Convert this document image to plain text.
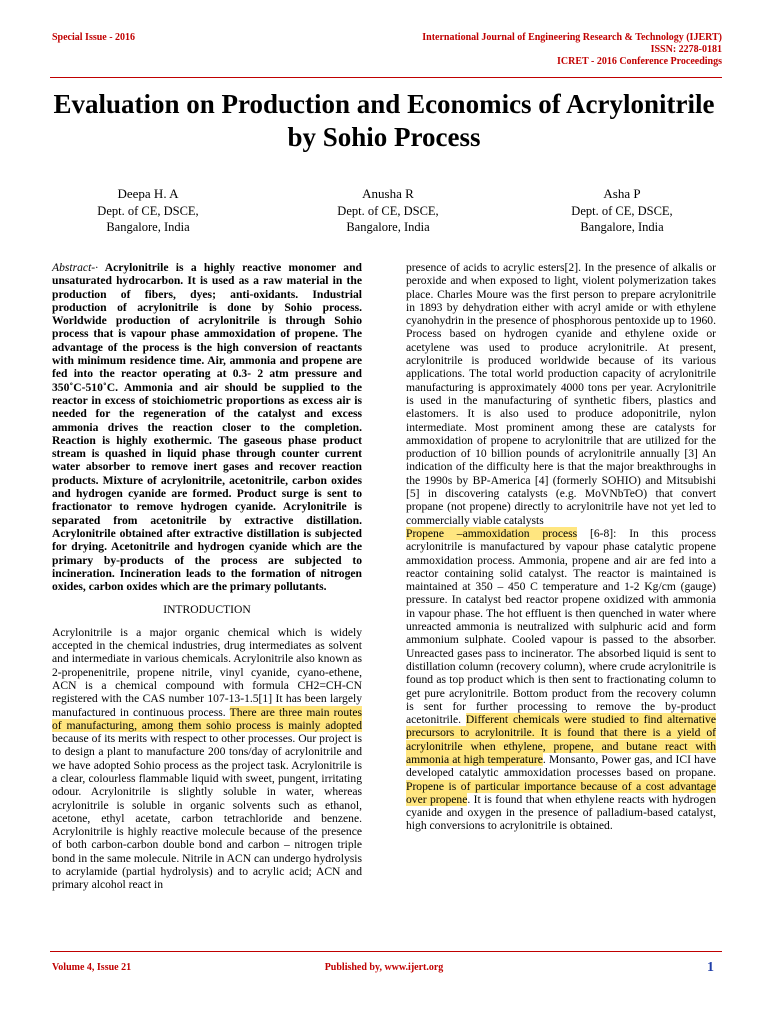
Special Issue - 2016	International Journal of Engineering Research & Technology (IJERT)
ISSN: 2278-0181
ICRET - 2016 Conference Proceedings
Evaluation on Production and Economics of Acrylonitrile by Sohio Process
Deepa H. A
Dept. of CE, DSCE,
Bangalore, India
Anusha R
Dept. of CE, DSCE,
Bangalore, India
Asha P
Dept. of CE, DSCE,
Bangalore, India

Abstract-· Acrylonitrile is a highly reactive monomer and unsaturated hydrocarbon. It is used as a raw material in the production of fibers, dyes; anti-oxidants. Industrial production of acrylonitrile is done by Sohio process. Worldwide production of acrylonitrile is through Sohio process that is vapour phase ammoxidation of propene. The advantage of the process is the high conversion of reactants with minimum residence time. Air, ammonia and propene are fed into the reactor operating at 0.3- 2 atm pressure and 350˚C-510˚C. Ammonia and air should be supplied to the reactor in excess of stoichiometric proportions as excess air is needed for the regeneration of the catalyst and excess ammonia drives the reaction closer to the completion. Reaction is highly exothermic. The gaseous phase product stream is quashed in liquid phase through counter current water absorber to remove inert gases and recover reaction products. Mixture of acrylonitrile, acetonitrile, carbon oxides and hydrogen cyanide are formed. Product surge is sent to fractionator to remove hydrogen cyanide. Acrylonitrile is separated from acetonitrile by extractive distillation. Acrylonitrile obtained after extractive distillation is subjected for drying. Acetonitrile and hydrogen cyanide which are the primary by-products of the process are subjected to incineration. Incineration leads to the formation of nitrogen oxides, carbon oxides which are the primary pollutants.

INTRODUCTION

Acrylonitrile is a major organic chemical which is widely accepted in the chemical industries, drug intermediates as solvent and intermediate in various chemicals. Acrylonitrile also known as 2-propenenitrile, propene nitrile, vinyl cyanide, cyano-ethene, ACN is a chemical compound with formula CH2=CH-CN registered with the CAS number 107-13-1.5[1] It has been largely manufactured in continuous process. There are three main routes of manufacturing, among them sohio process is mainly adopted because of its merits with respect to other processes. Our project is to design a plant to manufacture 200 tons/day of acrylonitrile and we have adopted Sohio process as the project task. Acrylonitrile is a clear, colourless flammable liquid with sweet, pungent, irritating odour. Acrylonitrile is slightly soluble in water, whereas acrylonitrile is soluble in organic solvents such as ethanol, acetone, ethyl acetate, carbon tetrachloride and benzene. Acrylonitrile is highly reactive molecule because of the presence of both carbon-carbon double bond and carbon – nitrogen triple bond in the same molecule. Nitrile in ACN can undergo hydrolysis to acrylamide (partial hydrolysis) and to acrylic acid; ACN and primary alcohol react in

presence of acids to acrylic esters[2]. In the presence of alkalis or peroxide and when exposed to light, violent polymerization takes place. Charles Moure was the first person to prepare acrylonitrile in 1893 by dehydration either with acryl amide or with ethylene cyanohydrin in the presence of phosphorous pentoxide up to 1960. Process based on hydrogen cyanide and ethylene oxide or acetylene was used to produce acrylonitrile. At present, acrylonitrile is produced worldwide because of its various applications. The total world production capacity of acrylonitrile manufacturing is approximately 4000 tons per year. Acrylonitrile is used in the manufacturing of synthetic fibers, plastics and elastomers. It is also used to produce adoponitrile, nylon intermediate. Most prominent among these are catalysts for ammoxidation of propene to acrylonitrile that are utilized for the production of 10 billion pounds of acrylonitrile annually [3] An indication of the difficulty here is that the major breakthroughs in the 1990s by BP-America [4] (formerly SOHIO) and Mitsubishi [5] in discovering catalysts (e.g. MoVNbTeO) that convert propane (not propene) directly to acrylonitrile have not yet led to commercially viable catalysts

Propene –ammoxidation process [6-8]: In this process acrylonitrile is manufactured by vapour phase catalytic propene ammoxidation process. Ammonia, propene and air are fed into a reactor containing solid catalyst. The reactor is maintained is maintained at 350 – 450 C temperature and 1-2 Kg/cm (gauge) pressure. In catalyst bed reactor propene oxidized with ammonia in vapour phase. The hot effluent is then quenched in water where unreacted ammonia is neutralized with sulphuric acid and form ammonium sulphate. Cooled vapour is passed to the absorber. Unreacted gases pass to incinerator. The absorbed liquid is sent to distillation column (recovery column), where crude acrylonitrile is found as top product which is then sent to fractionating column to get pure acrylonitrile. Bottom product from the recovery column is sent for further processing to remove the by-product acetonitrile. Different chemicals were studied to find alternative precursors to acrylonitrile. It is found that there is a yield of acrylonitrile when ethylene, propene, and butane react with ammonia at high temperature. Monsanto, Power gas, and ICI have developed catalytic ammoxidation processes based on propane. Propene is of particular importance because of a cost advantage over propene. It is found that when ethylene reacts with hydrogen cyanide and oxygen in the presence of palladium-based catalyst, high conversions to acrylonitrile is obtained.

Volume 4, Issue 21	Published by, www.ijert.org	1
